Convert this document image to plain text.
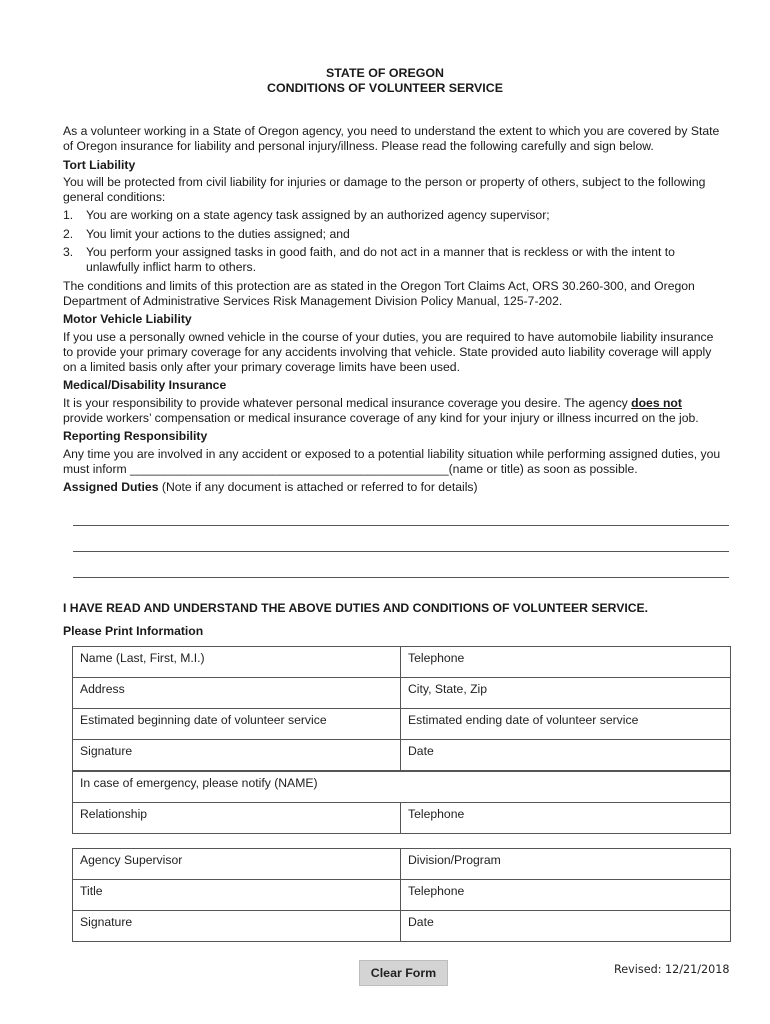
STATE OF OREGON
CONDITIONS OF VOLUNTEER SERVICE

As a volunteer working in a State of Oregon agency, you need to understand the extent to which you are covered by State of Oregon insurance for liability and personal injury/illness. Please read the following carefully and sign below.

Tort Liability

You will be protected from civil liability for injuries or damage to the person or property of others, subject to the following general conditions:

1. You are working on a state agency task assigned by an authorized agency supervisor;
2. You limit your actions to the duties assigned; and
3. You perform your assigned tasks in good faith, and do not act in a manner that is reckless or with the intent to unlawfully inflict harm to others.

The conditions and limits of this protection are as stated in the Oregon Tort Claims Act, ORS 30.260-300, and Oregon Department of Administrative Services Risk Management Division Policy Manual, 125-7-202.

Motor Vehicle Liability

If you use a personally owned vehicle in the course of your duties, you are required to have automobile liability insurance to provide your primary coverage for any accidents involving that vehicle. State provided auto liability coverage will apply on a limited basis only after your primary coverage limits have been used.

Medical/Disability Insurance

It is your responsibility to provide whatever personal medical insurance coverage you desire. The agency does not provide workers’ compensation or medical insurance coverage of any kind for your injury or illness incurred on the job.

Reporting Responsibility

Any time you are involved in any accident or exposed to a potential liability situation while performing assigned duties, you must inform _______________________________________________(name or title) as soon as possible.

Assigned Duties (Note if any document is attached or referred to for details)

I HAVE READ AND UNDERSTAND THE ABOVE DUTIES AND CONDITIONS OF VOLUNTEER SERVICE.
Please Print Information
Name (Last, First, M.I.)	Telephone
Address	City, State, Zip
Estimated beginning date of volunteer service	Estimated ending date of volunteer service
Signature	Date
In case of emergency, please notify (NAME)
Relationship	Telephone
Agency Supervisor	Division/Program
Title	Telephone
Signature	Date
Clear Form	Revised: 12/21/2018
